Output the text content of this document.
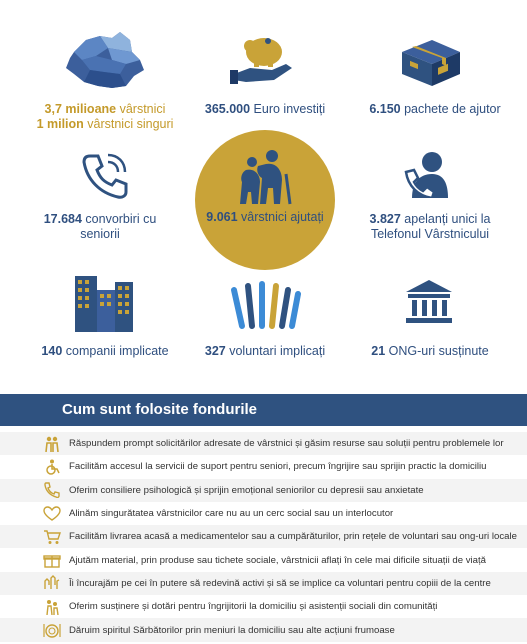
3,7 milioane vârstnici
1 milion vârstnici singuri
365.000 Euro investiți	6.150 pachete de ajutor
17.684 convorbiri cu
seniorii
9.061 vârstnici ajutați	3.827 apelanți unici la
Telefonul Vârstnicului
140 companii implicate	327 voluntari implicați	21 ONG-uri susținute
Cum sunt folosite fondurile
Răspundem prompt solicitărilor adresate de vârstnici și găsim resurse sau soluții pentru problemele lor
Facilităm accesul la servicii de suport pentru seniori, precum îngrijire sau sprijin practic la domiciliu
Oferim consiliere psihologică și sprijin emoțional seniorilor cu depresii sau anxietate
Alinăm singurătatea vârstnicilor care nu au un cerc social sau un interlocutor
Facilităm livrarea acasă a medicamentelor sau a cumpărăturilor, prin rețele de voluntari sau ong-uri locale
Ajutăm material, prin produse sau tichete sociale, vârstnicii aflați în cele mai dificile situații de viață
Îi încurajăm pe cei în putere să redevină activi și să se implice ca voluntari pentru copiii de la centre
Oferim susținere și dotări pentru îngrijitorii la domiciliu și asistenții sociali din comunități
Dăruim spiritul Sărbătorilor prin meniuri la domiciliu sau alte acțiuni frumoase
